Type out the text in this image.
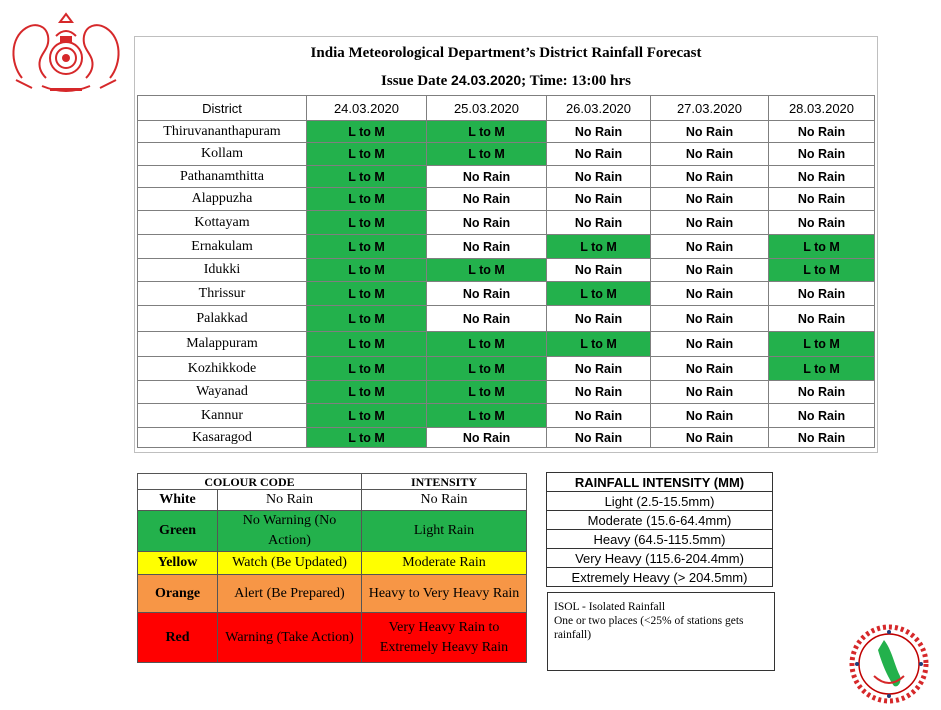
India Meteorological Department’s District Rainfall Forecast
Issue Date 24.03.2020; Time: 13:00 hrs
District	24.03.2020	25.03.2020	26.03.2020	27.03.2020	28.03.2020
Thiruvananthapuram	L to M	L to M	No Rain	No Rain	No Rain
Kollam	L to M	L to M	No Rain	No Rain	No Rain
Pathanamthitta	L to M	No Rain	No Rain	No Rain	No Rain
Alappuzha	L to M	No Rain	No Rain	No Rain	No Rain
Kottayam	L to M	No Rain	No Rain	No Rain	No Rain
Ernakulam	L to M	No Rain	L to M	No Rain	L to M
Idukki	L to M	L to M	No Rain	No Rain	L to M
Thrissur	L to M	No Rain	L to M	No Rain	No Rain
Palakkad	L to M	No Rain	No Rain	No Rain	No Rain
Malappuram	L to M	L to M	L to M	No Rain	L to M
Kozhikkode	L to M	L to M	No Rain	No Rain	L to M
Wayanad	L to M	L to M	No Rain	No Rain	No Rain
Kannur	L to M	L to M	No Rain	No Rain	No Rain
Kasaragod	L to M	No Rain	No Rain	No Rain	No Rain
COLOUR CODE		INTENSITY
White	No Rain	No Rain
Green	No Warning (No Action)	Light Rain
Yellow	Watch (Be Updated)	Moderate Rain
Orange	Alert (Be Prepared)	Heavy to Very Heavy Rain
Red	Warning (Take Action)	Very Heavy Rain to Extremely Heavy Rain
RAINFALL INTENSITY (MM)
Light (2.5-15.5mm)
Moderate (15.6-64.4mm)
Heavy (64.5-115.5mm)
Very Heavy (115.6-204.4mm)
Extremely Heavy (> 204.5mm)
ISOL - Isolated Rainfall
One or two places (<25% of stations gets rainfall)
